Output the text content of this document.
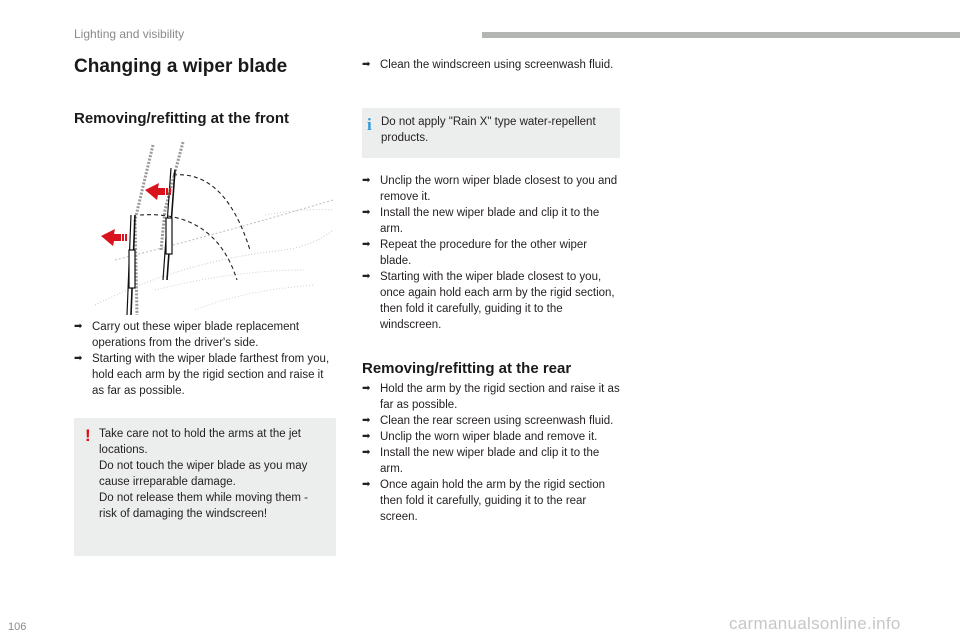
Lighting and visibility
Changing a wiper blade
Removing/refitting at the front
➡ Carry out these wiper blade replacement operations from the driver's side.
➡ Starting with the wiper blade farthest from you, hold each arm by the rigid section and raise it as far as possible.
! Take care not to hold the arms at the jet locations.
Do not touch the wiper blade as you may cause irreparable damage.
Do not release them while moving them - risk of damaging the windscreen!
➡ Clean the windscreen using screenwash fluid.
i Do not apply "Rain X" type water-repellent products.
➡ Unclip the worn wiper blade closest to you and remove it.
➡ Install the new wiper blade and clip it to the arm.
➡ Repeat the procedure for the other wiper blade.
➡ Starting with the wiper blade closest to you, once again hold each arm by the rigid section, then fold it carefully, guiding it to the windscreen.
Removing/refitting at the rear
➡ Hold the arm by the rigid section and raise it as far as possible.
➡ Clean the rear screen using screenwash fluid.
➡ Unclip the worn wiper blade and remove it.
➡ Install the new wiper blade and clip it to the arm.
➡ Once again hold the arm by the rigid section then fold it carefully, guiding it to the rear screen.
106	carmanualsonline.info
